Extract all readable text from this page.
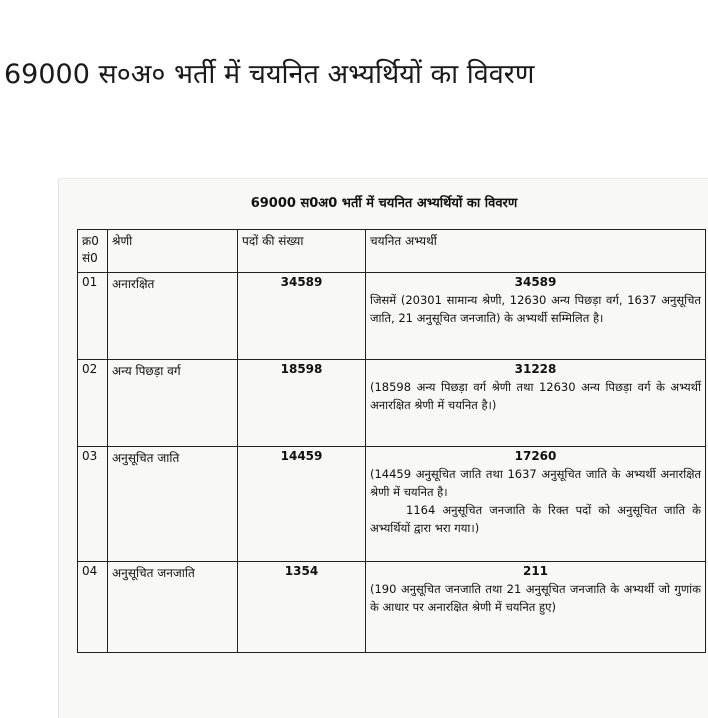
69000 स०अ० भर्ती में चयनित अभ्यर्थियों का विवरण
69000 स0अ0 भर्ती में चयनित अभ्यर्थियों का विवरण
क्र0 सं0	श्रेणी	पदों की संख्या	चयनित अभ्यर्थी
01	अनारक्षित	34589	34589
जिसमें (20301 सामान्य श्रेणी, 12630 अन्य पिछड़ा वर्ग, 1637 अनुसूचित जाति, 21 अनुसूचित जनजाति) के अभ्यर्थी सम्मिलित है।

02	अन्य पिछड़ा वर्ग	18598	31228
(18598 अन्य पिछड़ा वर्ग श्रेणी तथा 12630 अन्य पिछड़ा वर्ग के अभ्यर्थी अनारक्षित श्रेणी में चयनित है।)

03	अनुसूचित जाति	14459	17260
(14459 अनुसूचित जाति तथा 1637 अनुसूचित जाति के अभ्यर्थी अनारक्षित श्रेणी में चयनित है।
1164 अनुसूचित जनजाति के रिक्त पदों को अनुसूचित जाति के अभ्यर्थियों द्वारा भरा गया।)

04	अनुसूचित जनजाति	1354	211
(190 अनुसूचित जनजाति तथा 21 अनुसूचित जनजाति के अभ्यर्थी जो गुणांक के आधार पर अनारक्षित श्रेणी में चयनित हुए)
